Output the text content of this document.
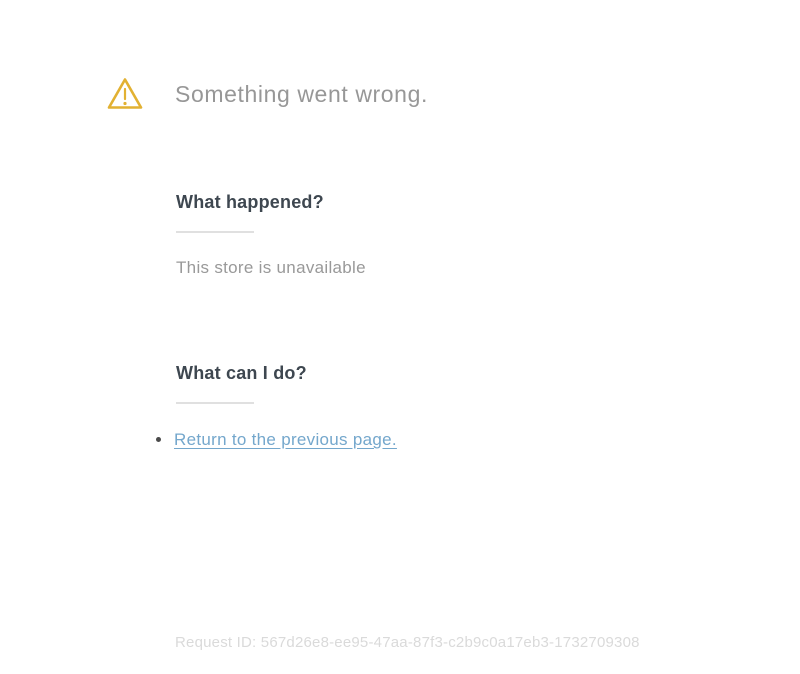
Something went wrong.
What happened?
This store is unavailable
What can I do?
Return to the previous page.
Request ID: 567d26e8-ee95-47aa-87f3-c2b9c0a17eb3-1732709308
